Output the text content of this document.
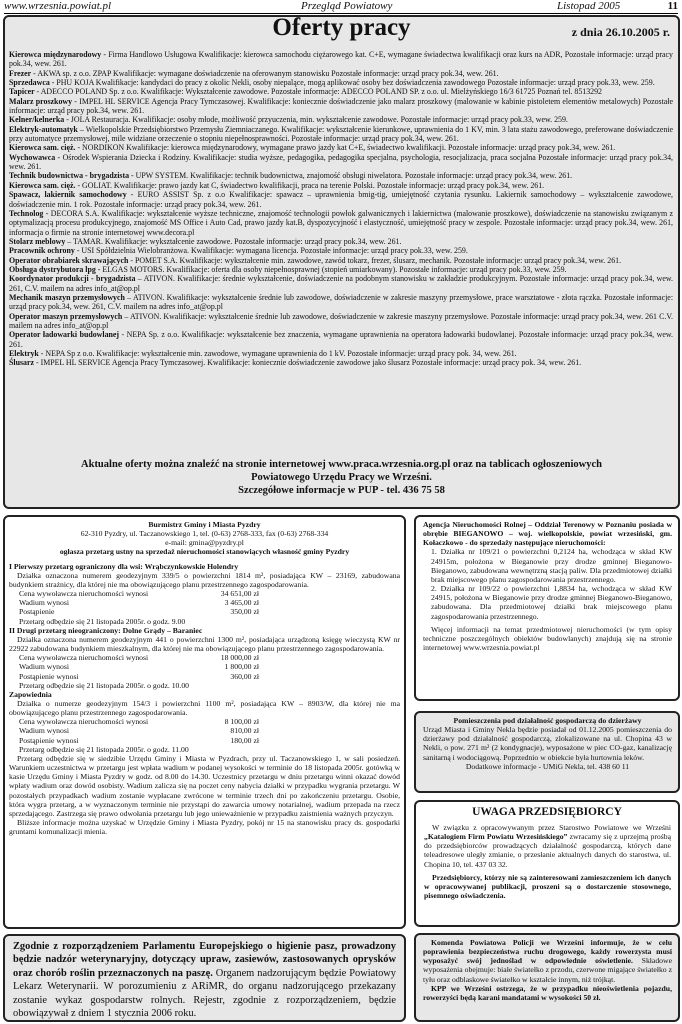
www.wrzesnia.powiat.pl	Przegląd Powiatowy	Listopad 2005	11
Oferty pracy	z dnia 26.10.2005 r.

Kierowca międzynarodowy - Firma Handlowo Usługowa Kwalifikacje: kierowca samochodu ciężarowego kat. C+E, wymagane świadectwa kwalifikacji oraz kurs na ADR, Pozostałe informacje: urząd pracy pok.34, wew. 261.

Frezer - AKWA sp. z o.o. ZPAP Kwalifikacje: wymagane doświadczenie na oferowanym stanowisku Pozostałe informacje: urząd pracy pok.34, wew. 261.

Sprzedawca - PHU KOJA Kwalifikacje: kandydaci do pracy z okolic Nekli, osoby niepalące, mogą aplikować osoby bez doświadczenia zawodowego Pozostałe informacje: urząd pracy pok.33, wew. 259.

Tapicer - ADECCO POLAND Sp. z o.o. Kwalifikacje: Wykształcenie zawodowe. Pozostałe informacje: ADECCO POLAND SP. z o.o. ul. Mielżyńskiego 16/3 61725 Poznań tel. 8513292

Malarz proszkowy - IMPEL HL SERVICE Agencja Pracy Tymczasowej. Kwalifikacje: koniecznie doświadczenie jako malarz proszkowy (malowanie w kabinie pistoletem elementów metalowych) Pozostałe informacje: urząd pracy pok.34, wew. 261.

Kelner/kelnerka - JOLA Restauracja. Kwalifikacje: osoby młode, możliwość przyuczenia, min. wykształcenie zawodowe. Pozostałe informacje: urząd pracy pok.33, wew. 259.

Elektryk-automatyk – Wielkopolskie Przedsiębiorstwo Przemysłu Ziemniaczanego. Kwalifikacje: wykształcenie kierunkowe, uprawnienia do 1 KV, min. 3 lata stażu zawodowego, preferowane doświadczenie przy automatyce przemysłowej, mile widziane orzeczenie o stopniu niepełnosprawności. Pozostałe informacje: urząd pracy pok.34, wew. 261.

Kierowca sam. cięż. - NORDIKON Kwalifikacje: kierowca międzynarodowy, wymagane prawo jazdy kat C+E, świadectwo kwalifikacji. Pozostałe informacje: urząd pracy pok.34, wew. 261.

Wychowawca - Ośrodek Wspierania Dziecka i Rodziny. Kwalifikacje: studia wyższe, pedagogika, pedagogika specjalna, psychologia, resocjalizacja, praca socjalna Pozostałe informacje: urząd pracy pok.34, wew. 261.

Technik budownictwa - brygadzista - UPW SYSTEM. Kwalifikacje: technik budownictwa, znajomość obsługi niwelatora. Pozostałe informacje: urząd pracy pok.34, wew. 261.

Kierowca sam. cięż. - GOLIAT. Kwalifikacje: prawo jazdy kat C, świadectwo kwalifikacji, praca na terenie Polski. Pozostałe informacje: urząd pracy pok.34, wew. 261.

Spawacz, lakiernik samochodowy - EURO ASSIST Sp. z o.o Kwalifikacje: spawacz – uprawnienia bmig-tig, umiejętność czytania rysunku. Lakiernik samochodowy – wykształcenie zawodowe, doświadczenie min. 1 rok. Pozostałe informacje: urząd pracy pok.34, wew. 261.

Technolog - DECORA S.A. Kwalifikacje: wykształcenie wyższe techniczne, znajomość technologii powłok galwanicznych i lakiernictwa (malowanie proszkowe), doświadczenie na stanowisku związanym z optymalizacją procesu produkcyjnego, znajomość MS Office i Auto Cad, prawo jazdy kat.B, dyspozycyjność i elastyczność, umiejętność pracy w zespole. Pozostałe informacje: urząd pracy pok.34, wew. 261, informacja o firmie na stronie internetowej www.decora.pl

Stolarz meblowy – TAMAR. Kwalifikacje: wykształcenie zawodowe. Pozostałe informacje: urząd pracy pok.34, wew. 261.

Pracownik ochrony - USI Spółdzielnia Wielobranżowa. Kwalifikacje: wymagana licencja. Pozostałe informacje: urząd pracy pok.33, wew. 259.

Operator obrabiarek skrawających - POMET S.A. Kwalifikacje: wykształcenie min. zawodowe, zawód tokarz, frezer, ślusarz, mechanik. Pozostałe informacje: urząd pracy pok.34, wew. 261.

Obsługa dystrybutora lpg - ELGAS MOTORS. Kwalifikacje: oferta dla osoby niepełnosprawnej (stopień umiarkowany). Pozostałe informacje: urząd pracy pok.33, wew. 259.

Koordynator produkcji - brygadzista – ATIVON. Kwalifikacje: średnie wykształcenie, doświadczenie na podobnym stanowisku w zakładzie produkcyjnym. Pozostałe informacje: urząd pracy pok.34, wew. 261, C.V. mailem na adres info_at@op.pl

Mechanik maszyn przemysłowych – ATIVON. Kwalifikacje: wykształcenie średnie lub zawodowe, doświadczenie w zakresie maszyny przemysłowe, prace warsztatowe - złota rączka. Pozostałe informacje: urząd pracy pok.34, wew. 261, C.V. mailem na adres info_at@op.pl

Operator maszyn przemysłowych – ATIVON. Kwalifikacje: wykształcenie średnie lub zawodowe, doświadczenie w zakresie maszyny przemysłowe. Pozostałe informacje: urząd pracy pok.34, wew. 261 C.V. mailem na adres info_at@op.pl

Operator ładowarki budowlanej - NEPA Sp. z o.o. Kwalifikacje: wykształcenie bez znaczenia, wymagane uprawnienia na operatora ładowarki budowlanej. Pozostałe informacje: urząd pracy pok.34, wew. 261.

Elektryk - NEPA Sp z o.o. Kwalifikacje: wykształcenie min. zawodowe, wymagane uprawnienia do 1 kV. Pozostałe informacje: urząd pracy pok. 34, wew. 261.

Ślusarz - IMPEL HL SERVICE Agencja Pracy Tymczasowej. Kwalifikacje: koniecznie doświadczenie zawodowe jako ślusarz Pozostałe informacje: urząd pracy pok. 34, wew. 261.

Aktualne oferty można znaleźć na stronie internetowej www.praca.wrzesnia.org.pl oraz na tablicach ogłoszeniowych
Powiatowego Urzędu Pracy we Wrześni.
Szczegółowe informacje w PUP - tel. 436 75 58

Burmistrz Gminy i Miasta Pyzdry

62-310 Pyzdry, ul. Taczanowskiego 1, tel. (0-63) 2768-333, fax (0-63) 2768-334

e-mail: gmina@pyzdry.pl

ogłasza przetarg ustny na sprzedaż nieruchomości stanowiących własność gminy Pyzdry

I Pierwszy przetarg ograniczony dla wsi: Wrąbczynkowskie Holendry

Działka oznaczona numerem geodezyjnym 339/5 o powierzchni 1814 m², posiadająca KW – 23169, zabudowana budynkiem strażnicy, dla której nie ma obowiązującego planu przestrzennego zagospodarowania.

Cena wywoławcza nieruchomości wynosi	34 651,00 zł
Wadium wynosi	3 465,00 zł
Postąpienie	350,00 zł

Przetarg odbędzie się 21 listopada 2005r. o godz. 9.00

II Drugi przetarg nieograniczony: Dolne Grądy – Baraniec

Działka oznaczona numerem geodezyjnym 441 o powierzchni 1300 m², posiadająca urządzoną księgę wieczystą KW nr 22922 zabudowana budynkiem mieszkalnym, dla której nie ma obowiązującego planu przestrzennego zagospodarowania.

Cena wywoławcza nieruchomości wynosi	18 000,00 zł
Wadium wynosi	1 800,00 zł
Postąpienie wynosi	360,00 zł

Przetarg odbędzie się 21 listopada 2005r. o godz. 10.00

Zapowiednia

Działka o numerze geodezyjnym 154/3 i powierzchni 1100 m², posiadająca KW – 8903/W, dla której nie ma obowiązującego planu przestrzennego zagospodarowania.

Cena wywoławcza nieruchomości wynosi	8 100,00 zł
Wadium wynosi	810,00 zł
Postąpienie wynosi	180,00 zł

Przetarg odbędzie się 21 listopada 2005r. o godz. 11.00

Przetarg odbędzie się w siedzibie Urzędu Gminy i Miasta w Pyzdrach, przy ul. Taczanowskiego 1, w sali posiedzeń. Warunkiem uczestnictwa w przetargu jest wpłata wadium w podanej wysokości w terminie do 18 listopada 2005r. gotówką w kasie Urzędu Gminy i Miasta Pyzdry w godz. od 8.00 do 14.30. Uczestnicy przetargu w dniu przetargu winni okazać dowód wpłaty wadium oraz dowód osobisty. Wadium zalicza się na poczet ceny nabycia działki w przypadku wygrania przetargu. W pozostałych przypadkach wadium zostanie wypłacane zwrócone w terminie trzech dni po zakończeniu przetargu. Osobie, która wygra przetarg, a w wyznaczonym terminie nie przystąpi do zawarcia umowy notarialnej, wadium przepada na rzecz sprzedającego. Zastrzega się prawo odwołania przetargu lub jego unieważnienie w przypadku zaistnienia ważnych przyczyn.

Bliższe informacje można uzyskać w Urzędzie Gminy i Miasta Pyzdry, pokój nr 15 na stanowisku pracy ds. gospodarki gruntami komunalizacji mienia.

Zgodnie z rozporządzeniem Parlamentu Europejskiego o higienie pasz, prowadzony będzie nadzór weterynaryjny, dotyczący upraw, zasiewów, zastosowanych oprysków oraz chorób roślin przeznaczonych na paszę. Organem nadzorującym będzie Powiatowy Lekarz Weterynarii. W porozumieniu z ARiMR, do organu nadzorującego przekazany zostanie wykaz gospodarstw rolnych. Rejestr, zgodnie z rozporządzeniem, będzie obowiązywał z dniem 1 stycznia 2006 roku.

Agencja Nieruchomości Rolnej – Oddział Terenowy w Poznaniu posiada w obrębie BIEGANOWO – woj. wielkopolskie, powiat wrzesiński, gm. Kołaczkowo - do sprzedaży następujące nieruchomości:

1. Działka nr 109/21 o powierzchni 0,2124 ha, wchodząca w skład KW 24915m, położona w Bieganowie przy drodze gminnej Bieganowo-Bieganowo, zabudowana wewnętrzną stacją paliw. Dla przedmiotowej działki brak miejscowego planu zagospodarowania przestrzennego.

2. Działka nr 109/22 o powierzchni 1,8834 ha, wchodząca w skład KW 24915, położona w Bieganowie przy drodze gminnej Bieganowo-Bieganowo, zabudowana. Dla przedmiotowej działki brak miejscowego planu zagospodarowania przestrzennego.

Więcej informacji na temat przedmiotowej nieruchomości (w tym opisy techniczne poszczególnych obiektów budowlanych) znajdują się na stronie internetowej www.wrzesnia.powiat.pl

Pomieszczenia pod działalność gospodarczą do dzierżawy

Urząd Miasta i Gminy Nekla będzie posiadał od 01.12.2005 pomieszczenia do dzierżawy pod działalność gospodarczą, zlokalizowane na ul. Chopina 43 w Nekli, o pow. 271 m² (2 kondygnacje), wyposażone w piec CO-gaz, kanalizację sanitarną i wodociągową. Poprzednio w obiekcie była hurtownia leków.

Dodatkowe informacje - UMiG Nekla, tel. 438 60 11

UWAGA PRZEDSIĘBIORCY

W związku z opracowywanym przez Starostwo Powiatowe we Wrześni „Katalogiem Firm Powiatu Wrzesińskiego” zwracamy się z uprzejmą prośbą do przedsiębiorców prowadzących działalność gospodarczą, których dane teleadresowe uległy zmianie, o przesłanie aktualnych danych do starostwa, ul. Chopina 10, tel. 437 03 32.

Przedsiębiorcy, którzy nie są zainteresowani zamieszczeniem ich danych w opracowywanej publikacji, proszeni są o dostarczenie stosownego, pisemnego oświadczenia.

Komenda Powiatowa Policji we Wrześni informuje, że w celu poprawienia bezpieczeństwa ruchu drogowego, każdy rowerzysta musi wyposażyć swój jednoślad w odpowiednie oświetlenie. Składowe wyposażenia obejmuje: białe światełko z przodu, czerwone migające światełko z tyłu oraz odblaskowe światełko w kształcie innym, niż trójkąt.

KPP we Wrześni ostrzega, że w przypadku nieoświetlenia pojazdu, rowerzyści będą karani mandatami w wysokości 50 zł.
